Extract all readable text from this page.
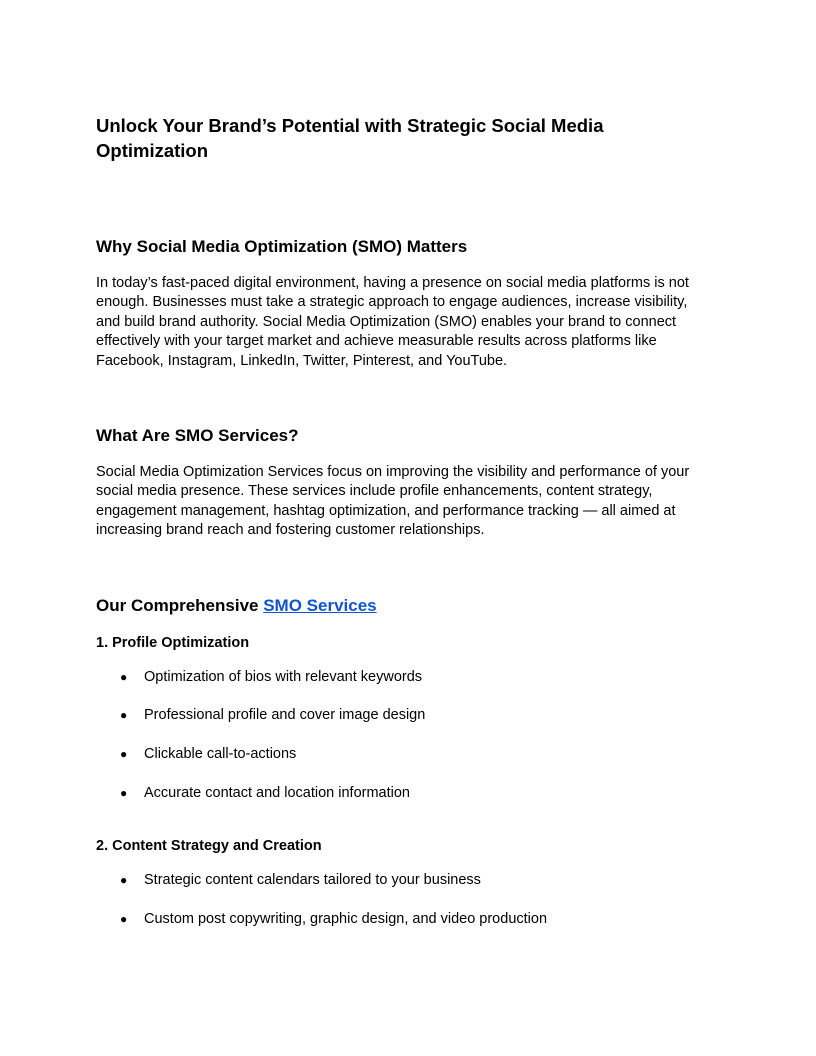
Unlock Your Brand’s Potential with Strategic Social Media Optimization
Why Social Media Optimization (SMO) Matters

In today’s fast-paced digital environment, having a presence on social media platforms is not enough. Businesses must take a strategic approach to engage audiences, increase visibility, and build brand authority. Social Media Optimization (SMO) enables your brand to connect effectively with your target market and achieve measurable results across platforms like Facebook, Instagram, LinkedIn, Twitter, Pinterest, and YouTube.

What Are SMO Services?

Social Media Optimization Services focus on improving the visibility and performance of your social media presence. These services include profile enhancements, content strategy, engagement management, hashtag optimization, and performance tracking — all aimed at increasing brand reach and fostering customer relationships.

Our Comprehensive SMO Services
1. Profile Optimization
● Optimization of bios with relevant keywords
● Professional profile and cover image design
● Clickable call-to-actions
● Accurate contact and location information
2. Content Strategy and Creation
● Strategic content calendars tailored to your business
● Custom post copywriting, graphic design, and video production
